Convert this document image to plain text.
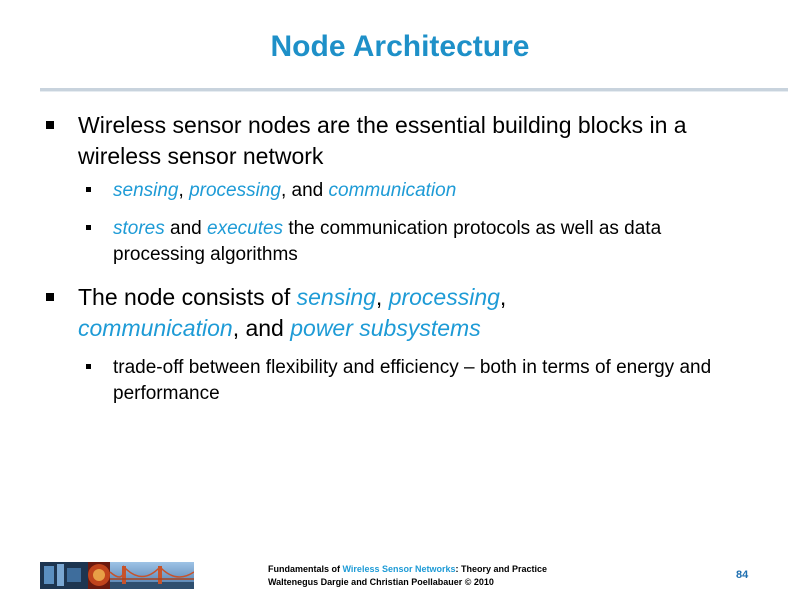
Node Architecture
Wireless sensor nodes are the essential building blocks in a wireless sensor network
sensing, processing, and communication
stores and executes the communication protocols as well as data processing algorithms
The node consists of sensing, processing,
communication, and power subsystems
trade-off between flexibility and efficiency – both in terms of energy and performance
Fundamentals of Wireless Sensor Networks: Theory and Practice
Waltenegus Dargie and Christian Poellabauer © 2010
84
